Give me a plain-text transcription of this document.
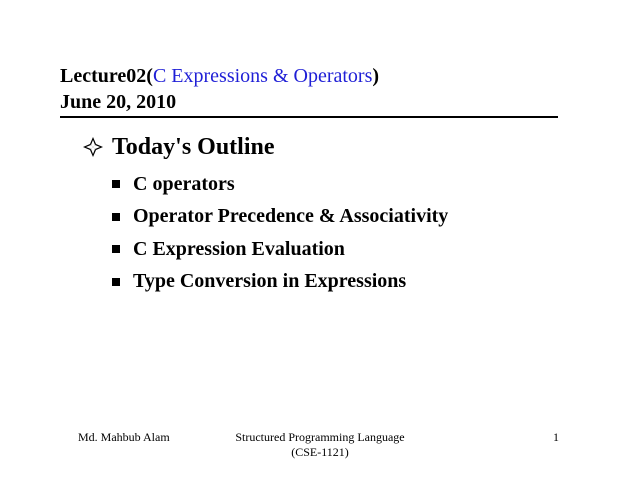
Lecture02(C Expressions & Operators)
June 20, 2010
Today's Outline
C operators
Operator Precedence & Associativity
C Expression Evaluation
Type Conversion in Expressions
Md. Mahbub Alam	Structured Programming Language
(CSE-1121)
1
